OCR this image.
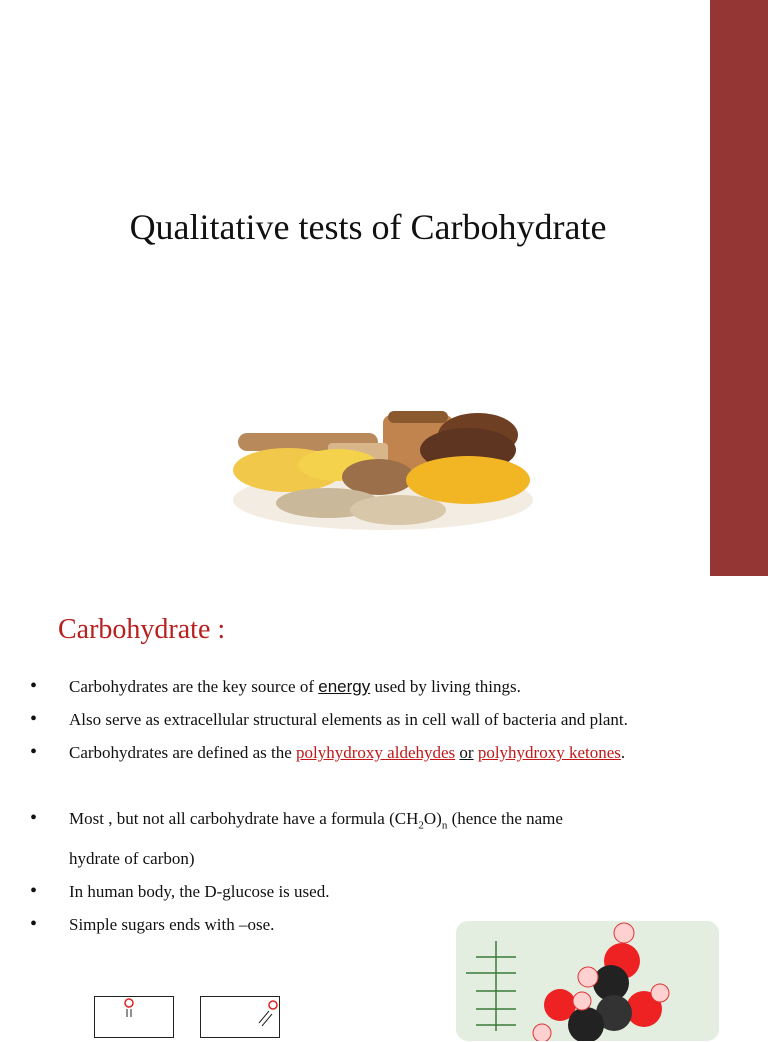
Qualitative tests of Carbohydrate
Carbohydrate :
• Carbohydrates are the key source of energy used by living things.
• Also serve as extracellular structural elements as in cell wall of bacteria and plant.
• Carbohydrates are defined as the polyhydroxy aldehydes or polyhydroxy ketones.
• Most , but not all carbohydrate have a formula $(CH_2O)_n$ (hence the name
hydrate of carbon)
• In human body, the D-glucose is used.
• Simple sugars ends with –ose.
